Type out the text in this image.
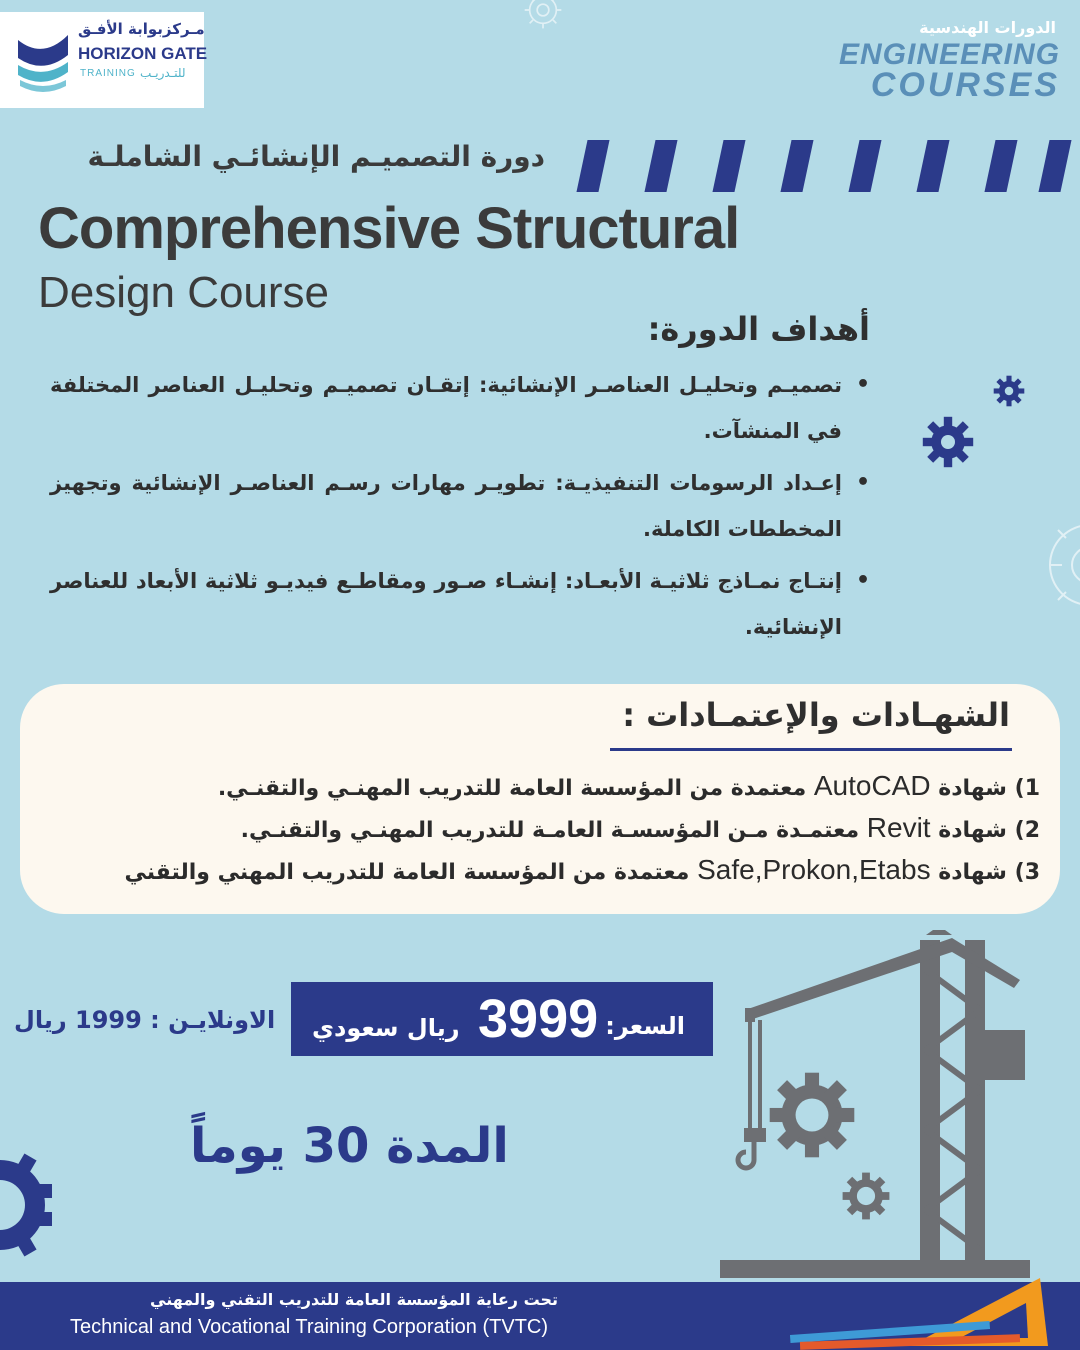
مـركزبوابة الأفـق
HORIZON GATE
TRAINING للتـدريـب
الدورات الهندسية
ENGINEERING
COURSES
دورة التصميـم الإنشائـي الشاملـة
Comprehensive Structural
Design Course
أهداف الدورة:
•
تصميـم وتحليـل العناصـر الإنشائية: إتقـان تصميـم وتحليـل العناصر المختلفة في المنشآت.
•
إعـداد الرسومات التنفيذيـة: تطويـر مهارات رسـم العناصـر الإنشائية وتجهيز المخططات الكاملة.
•
إنتـاج نمـاذج ثلاثيـة الأبعـاد: إنشـاء صـور ومقاطـع فيديـو ثلاثية الأبعاد للعناصر الإنشائية.
الشهـادات والإعتمـادات :
1) شهادة AutoCAD معتمدة من المؤسسة العامة للتدريب المهنـي والتقنـي.
2) شهادة Revit معتمـدة مـن المؤسسـة العامـة للتدريب المهنـي والتقنـي.
3) شهادة Safe,Prokon,Etabs معتمدة من المؤسسة العامة للتدريب المهني والتقني
السعر:
3999
ريال سعودي
الاونلايـن : 1999 ريال
المدة 30 يوماً
تحت رعاية المؤسسة العامة للتدريب التقني والمهني
Technical and Vocational Training Corporation (TVTC)
